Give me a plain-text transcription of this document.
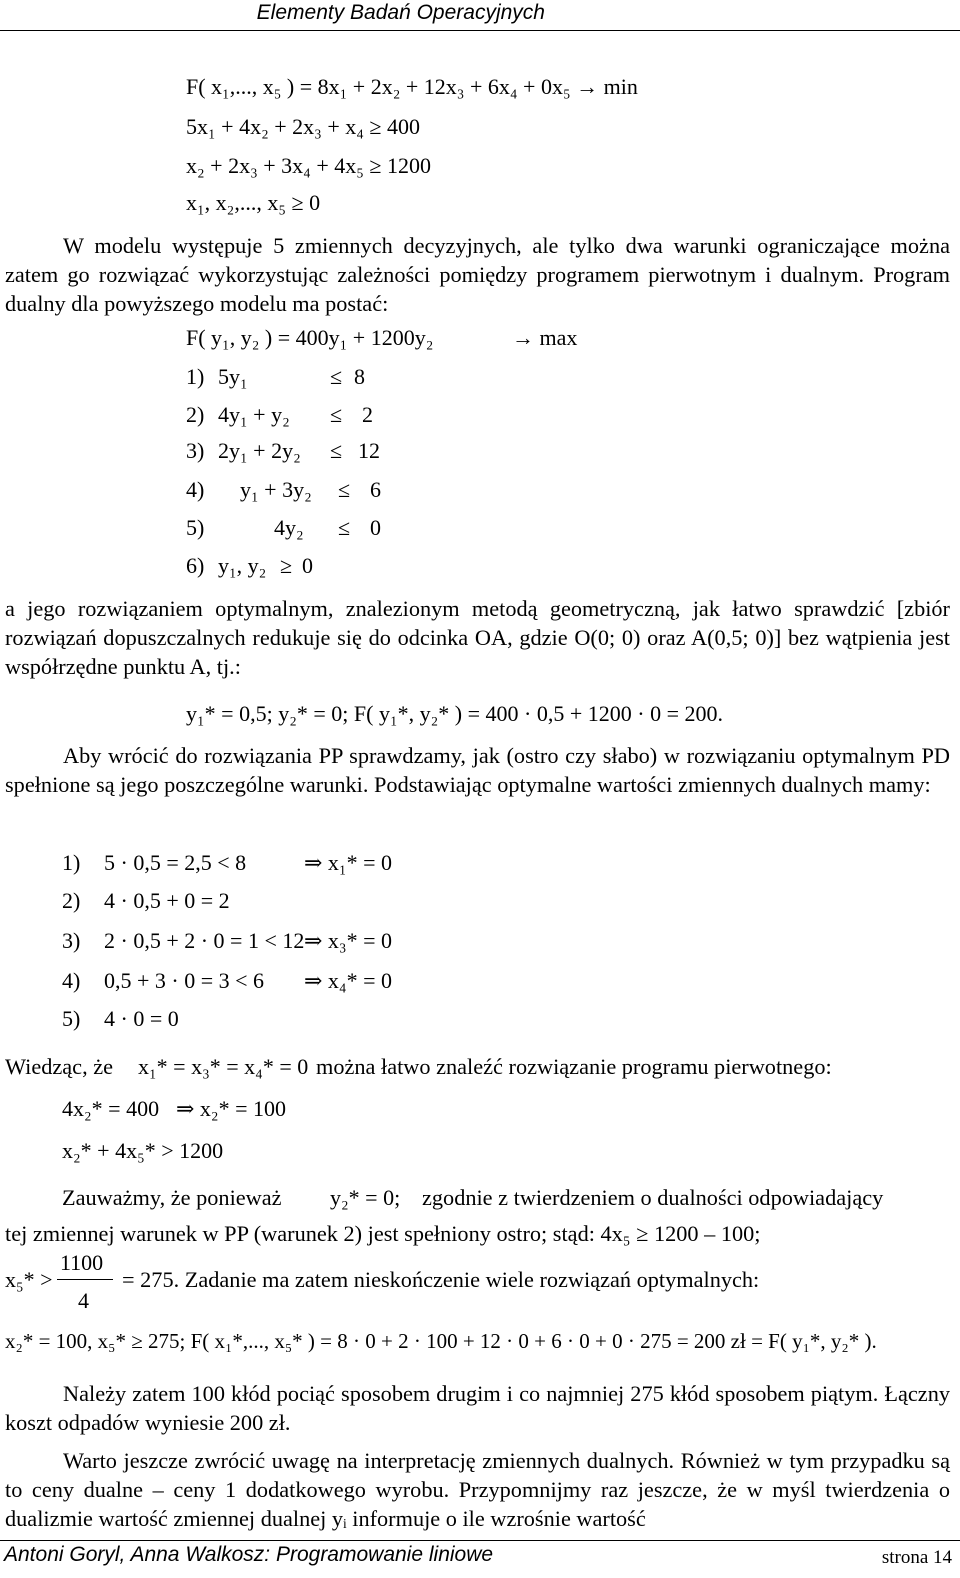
Elementy Badań Operacyjnych
F( x₁,..., x₅ ) = 8x₁ + 2x₂ + 12x₃ + 6x₄ + 0x₅ → min
5x₁ + 4x₂ + 2x₃ + x₄ ≥ 400
x₂ + 2x₃ + 3x₄ + 4x₅ ≥ 1200
x₁, x₂,..., x₅ ≥ 0
W modelu występuje 5 zmiennych decyzyjnych, ale tylko dwa warunki ograniczające można zatem go rozwiązać wykorzystując zależności pomiędzy programem pierwotnym i dualnym. Program dualny dla powyższego modelu ma postać:
F( y₁, y₂ ) = 400y₁ + 1200y₂	→ max
1) 5y₁	≤ 8
2) 4y₁ + y₂ ≤ 2
3) 2y₁ + 2y₂ ≤ 12
4) y₁ + 3y₂ ≤ 6
5)	4y₂ ≤ 0
6) y₁, y₂ ≥ 0
a jego rozwiązaniem optymalnym, znalezionym metodą geometryczną, jak łatwo sprawdzić [zbiór rozwiązań dopuszczalnych redukuje się do odcinka OA, gdzie O(0; 0) oraz A(0,5; 0)] bez wątpienia jest współrzędne punktu A, tj.:
y₁* = 0,5; y₂* = 0; F( y₁*, y₂* ) = 400 · 0,5 + 1200 · 0 = 200.
Aby wrócić do rozwiązania PP sprawdzamy, jak (ostro czy słabo) w rozwiązaniu optymalnym PD spełnione są jego poszczególne warunki. Podstawiając optymalne wartości zmiennych dualnych mamy:
1) 5 · 0,5 = 2,5 < 8	⇒ x₁* = 0
2) 4 · 0,5 + 0 = 2
3) 2 · 0,5 + 2 · 0 = 1 < 12 ⇒ x₃* = 0
4) 0,5 + 3 · 0 = 3 < 6 ⇒ x₄* = 0
5) 4 · 0 = 0
Wiedząc, że x₁* = x₃* = x₄* = 0 można łatwo znaleźć rozwiązanie programu pierwotnego:
4x₂* = 400 ⇒ x₂* = 100
x₂* + 4x₅* > 1200
Zauważmy, że ponieważ y₂* = 0; zgodnie z twierdzeniem o dualności odpowiadający
tej zmiennej warunek w PP (warunek 2) jest spełniony ostro; stąd: 4x₅ ≥ 1200 – 100;
x₅* >
1100
4
= 275. Zadanie ma zatem nieskończenie wiele rozwiązań optymalnych:
x₂* = 100, x₅* ≥ 275; F( x₁*,..., x₅* ) = 8 · 0 + 2 · 100 + 12 · 0 + 6 · 0 + 0 · 275 = 200 zł = F( y₁*, y₂* ).
Należy zatem 100 kłód pociąć sposobem drugim i co najmniej 275 kłód sposobem piątym. Łączny koszt odpadów wyniesie 200 zł.
Warto jeszcze zwrócić uwagę na interpretację zmiennych dualnych. Również w tym przypadku są to ceny dualne – ceny 1 dodatkowego wyrobu. Przypomnijmy raz jeszcze, że w myśl twierdzenia o dualizmie wartość zmiennej dualnej yᵢ informuje o ile wzrośnie wartość
Antoni Goryl, Anna Walkosz: Programowanie liniowe	strona 14
